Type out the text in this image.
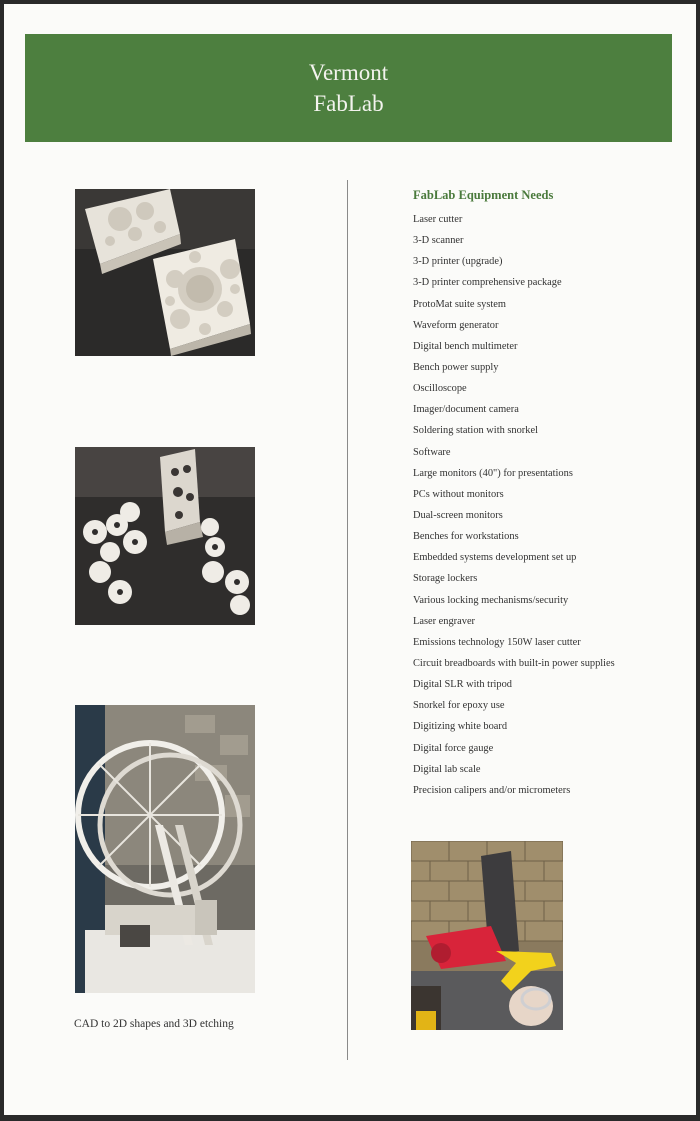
Vermont
FabLab
CAD to 2D shapes and 3D etching
FabLab Equipment Needs
Laser cutter
3-D scanner
3-D printer (upgrade)
3-D printer comprehensive package
ProtoMat suite system
Waveform generator
Digital bench multimeter
Bench power supply
Oscilloscope
Imager/document camera
Soldering station with snorkel
Software
Large monitors (40") for presentations
PCs without monitors
Dual-screen monitors
Benches for workstations
Embedded systems development set up
Storage lockers
Various locking mechanisms/security
Laser engraver
Emissions technology 150W laser cutter
Circuit breadboards with built-in power supplies
Digital SLR with tripod
Snorkel for epoxy use
Digitizing white board
Digital force gauge
Digital lab scale
Precision calipers and/or micrometers
